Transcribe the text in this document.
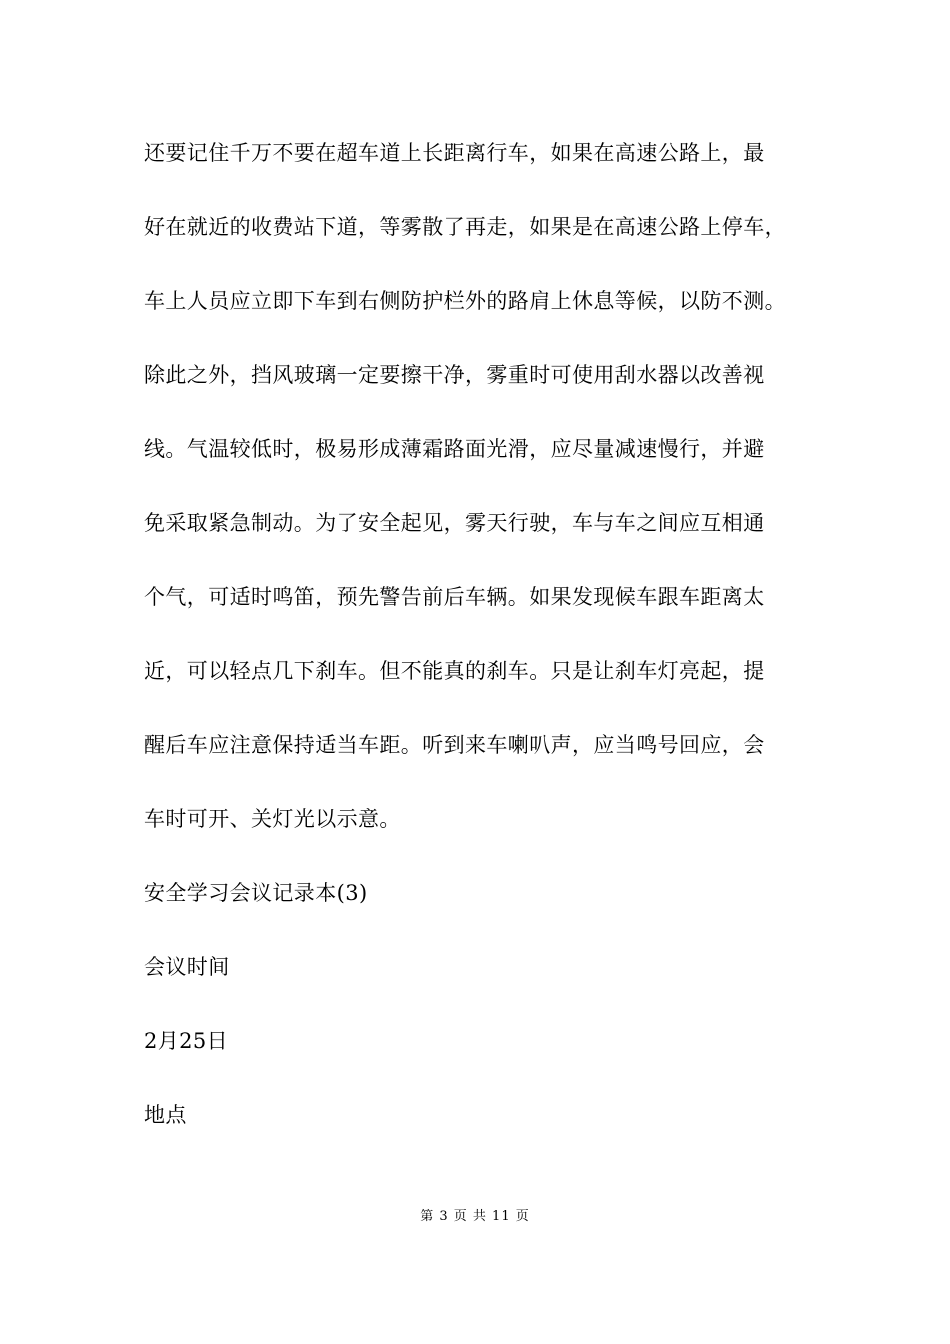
还要记住千万不要在超车道上长距离行车，如果在高速公路上，最
好在就近的收费站下道，等雾散了再走，如果是在高速公路上停车，
车上人员应立即下车到右侧防护栏外的路肩上休息等候，以防不测。
除此之外，挡风玻璃一定要擦干净，雾重时可使用刮水器以改善视
线。气温较低时，极易形成薄霜路面光滑，应尽量减速慢行，并避
免采取紧急制动。为了安全起见，雾天行驶，车与车之间应互相通
个气，可适时鸣笛，预先警告前后车辆。如果发现候车跟车距离太
近，可以轻点几下刹车。但不能真的刹车。只是让刹车灯亮起，提
醒后车应注意保持适当车距。听到来车喇叭声，应当鸣号回应，会
车时可开、关灯光以示意。
安全学习会议记录本(3)
会议时间
2月25日
地点
第 3 页 共 11 页
